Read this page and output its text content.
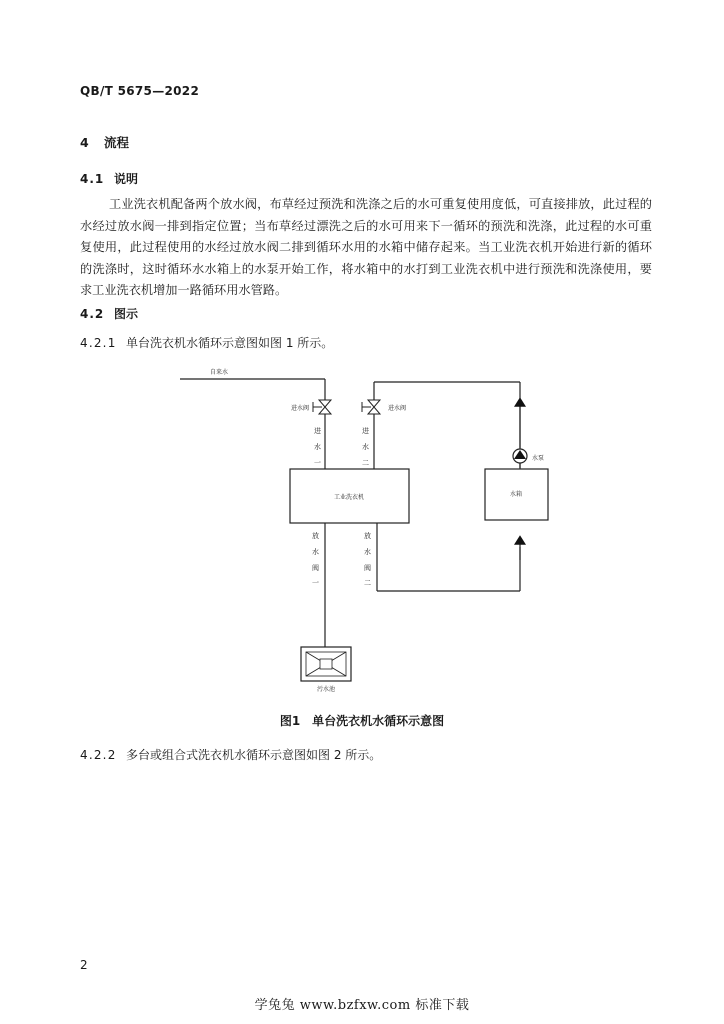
QB/T 5675—2022
4 流程
4.1 说明
工业洗衣机配备两个放水阀，布草经过预洗和洗涤之后的水可重复使用度低，可直接排放，此过程的水经过放水阀一排到指定位置；当布草经过漂洗之后的水可用来下一循环的预洗和洗涤，此过程的水可重复使用，此过程使用的水经过放水阀二排到循环水用的水箱中储存起来。当工业洗衣机开始进行新的循环的洗涤时，这时循环水水箱上的水泵开始工作，将水箱中的水打到工业洗衣机中进行预洗和洗涤使用，要求工业洗衣机增加一路循环用水管路。
4.2 图示
4.2.1 单台洗衣机水循环示意图如图 1 所示。
自来水
进水阀
进
水
一
进水阀
进
水
二
水泵
工业洗衣机	水箱
放
水
阀
一
放
水
阀
二
污水池
图1　单台洗衣机水循环示意图
4.2.2 多台或组合式洗衣机水循环示意图如图 2 所示。
2
学兔兔 www.bzfxw.com 标准下载
